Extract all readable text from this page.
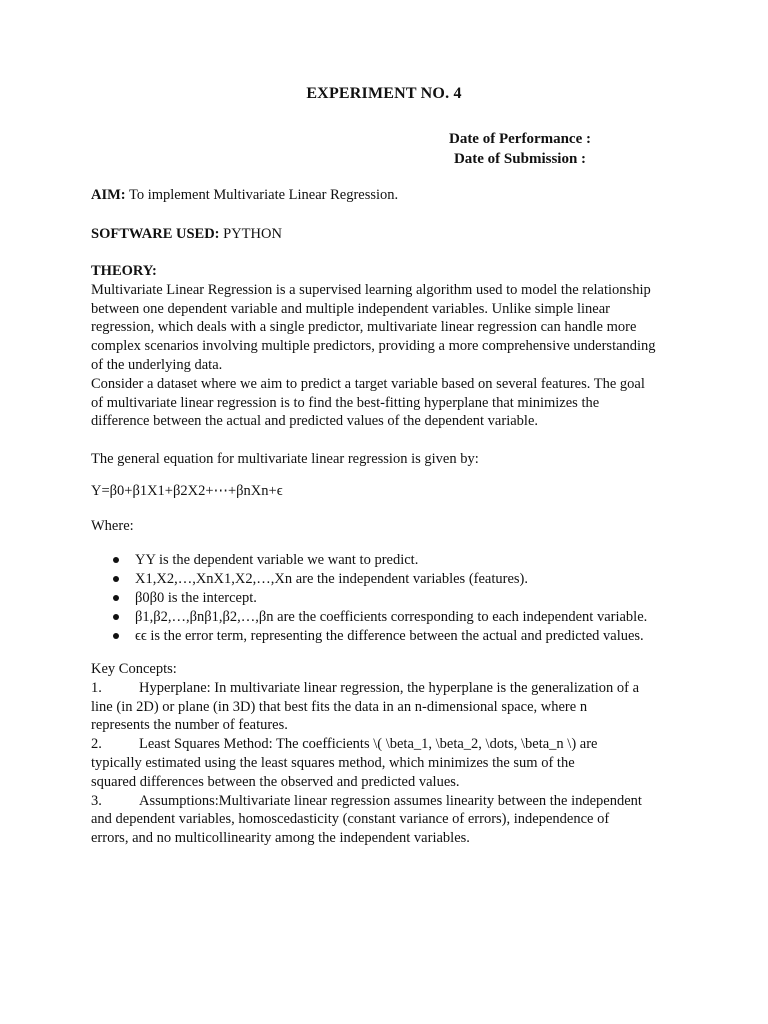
EXPERIMENT NO. 4
Date of Performance :
Date of Submission :
AIM: To implement Multivariate Linear Regression.
SOFTWARE USED: PYTHON
THEORY:
Multivariate Linear Regression is a supervised learning algorithm used to model the relationship
between one dependent variable and multiple independent variables. Unlike simple linear
regression, which deals with a single predictor, multivariate linear regression can handle more
complex scenarios involving multiple predictors, providing a more comprehensive understanding
of the underlying data.
Consider a dataset where we aim to predict a target variable based on several features. The goal
of multivariate linear regression is to find the best-fitting hyperplane that minimizes the
difference between the actual and predicted values of the dependent variable.
The general equation for multivariate linear regression is given by:
Y=β0+β1X1+β2X2+⋯+βnXn+ϵ
Where:
YY is the dependent variable we want to predict.
X1,X2,…,XnX1,X2,…,Xn are the independent variables (features).
β0β0 is the intercept.
β1,β2,…,βnβ1,β2,…,βn are the coefficients corresponding to each independent variable.
ϵϵ is the error term, representing the difference between the actual and predicted values.
Key Concepts:
1.	Hyperplane: In multivariate linear regression, the hyperplane is the generalization of a
line (in 2D) or plane (in 3D) that best fits the data in an n-dimensional space, where n
represents the number of features.
2.	Least Squares Method: The coefficients \( \beta_1, \beta_2, \dots, \beta_n \) are
typically estimated using the least squares method, which minimizes the sum of the
squared differences between the observed and predicted values.
3.	Assumptions:Multivariate linear regression assumes linearity between the independent
and dependent variables, homoscedasticity (constant variance of errors), independence of
errors, and no multicollinearity among the independent variables.
